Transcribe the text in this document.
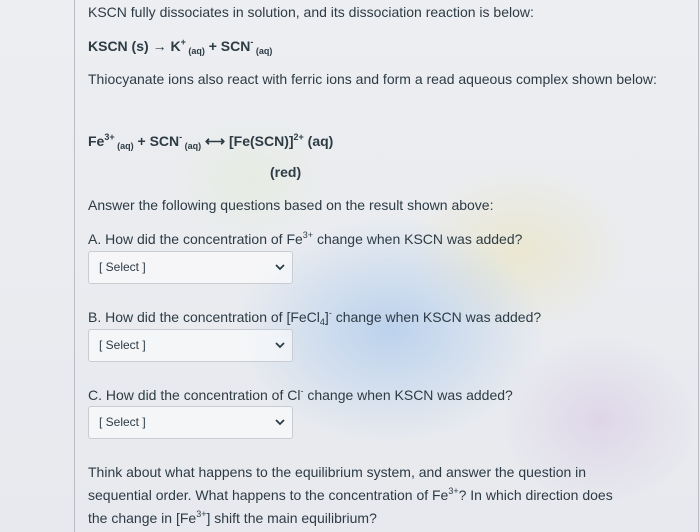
KSCN fully dissociates in solution, and its dissociation reaction is below:
KSCN (s) → K+ $_{(aq)}$ + SCN- $_{(aq)}$
Thiocyanate ions also react with ferric ions and form a read aqueous complex shown below:
$Fe^{3+}$ $_{(aq)}$ + SCN- $_{(aq)}$ ⟷ $[Fe(SCN)]^{2+}$ (aq)
(red)
Answer the following questions based on the result shown above:
A. How did the concentration of $Fe^{3+}$ change when KSCN was added?
[ Select ]
B. How did the concentration of [FeCl$_4$]- change when KSCN was added?
[ Select ]
C. How did the concentration of Cl- change when KSCN was added?
[ Select ]
Think about what happens to the equilibrium system, and answer the question in
sequential order. What happens to the concentration of $Fe^{3+}$? In which direction does
the change in $[Fe^{3+}]$ shift the main equilibrium?
